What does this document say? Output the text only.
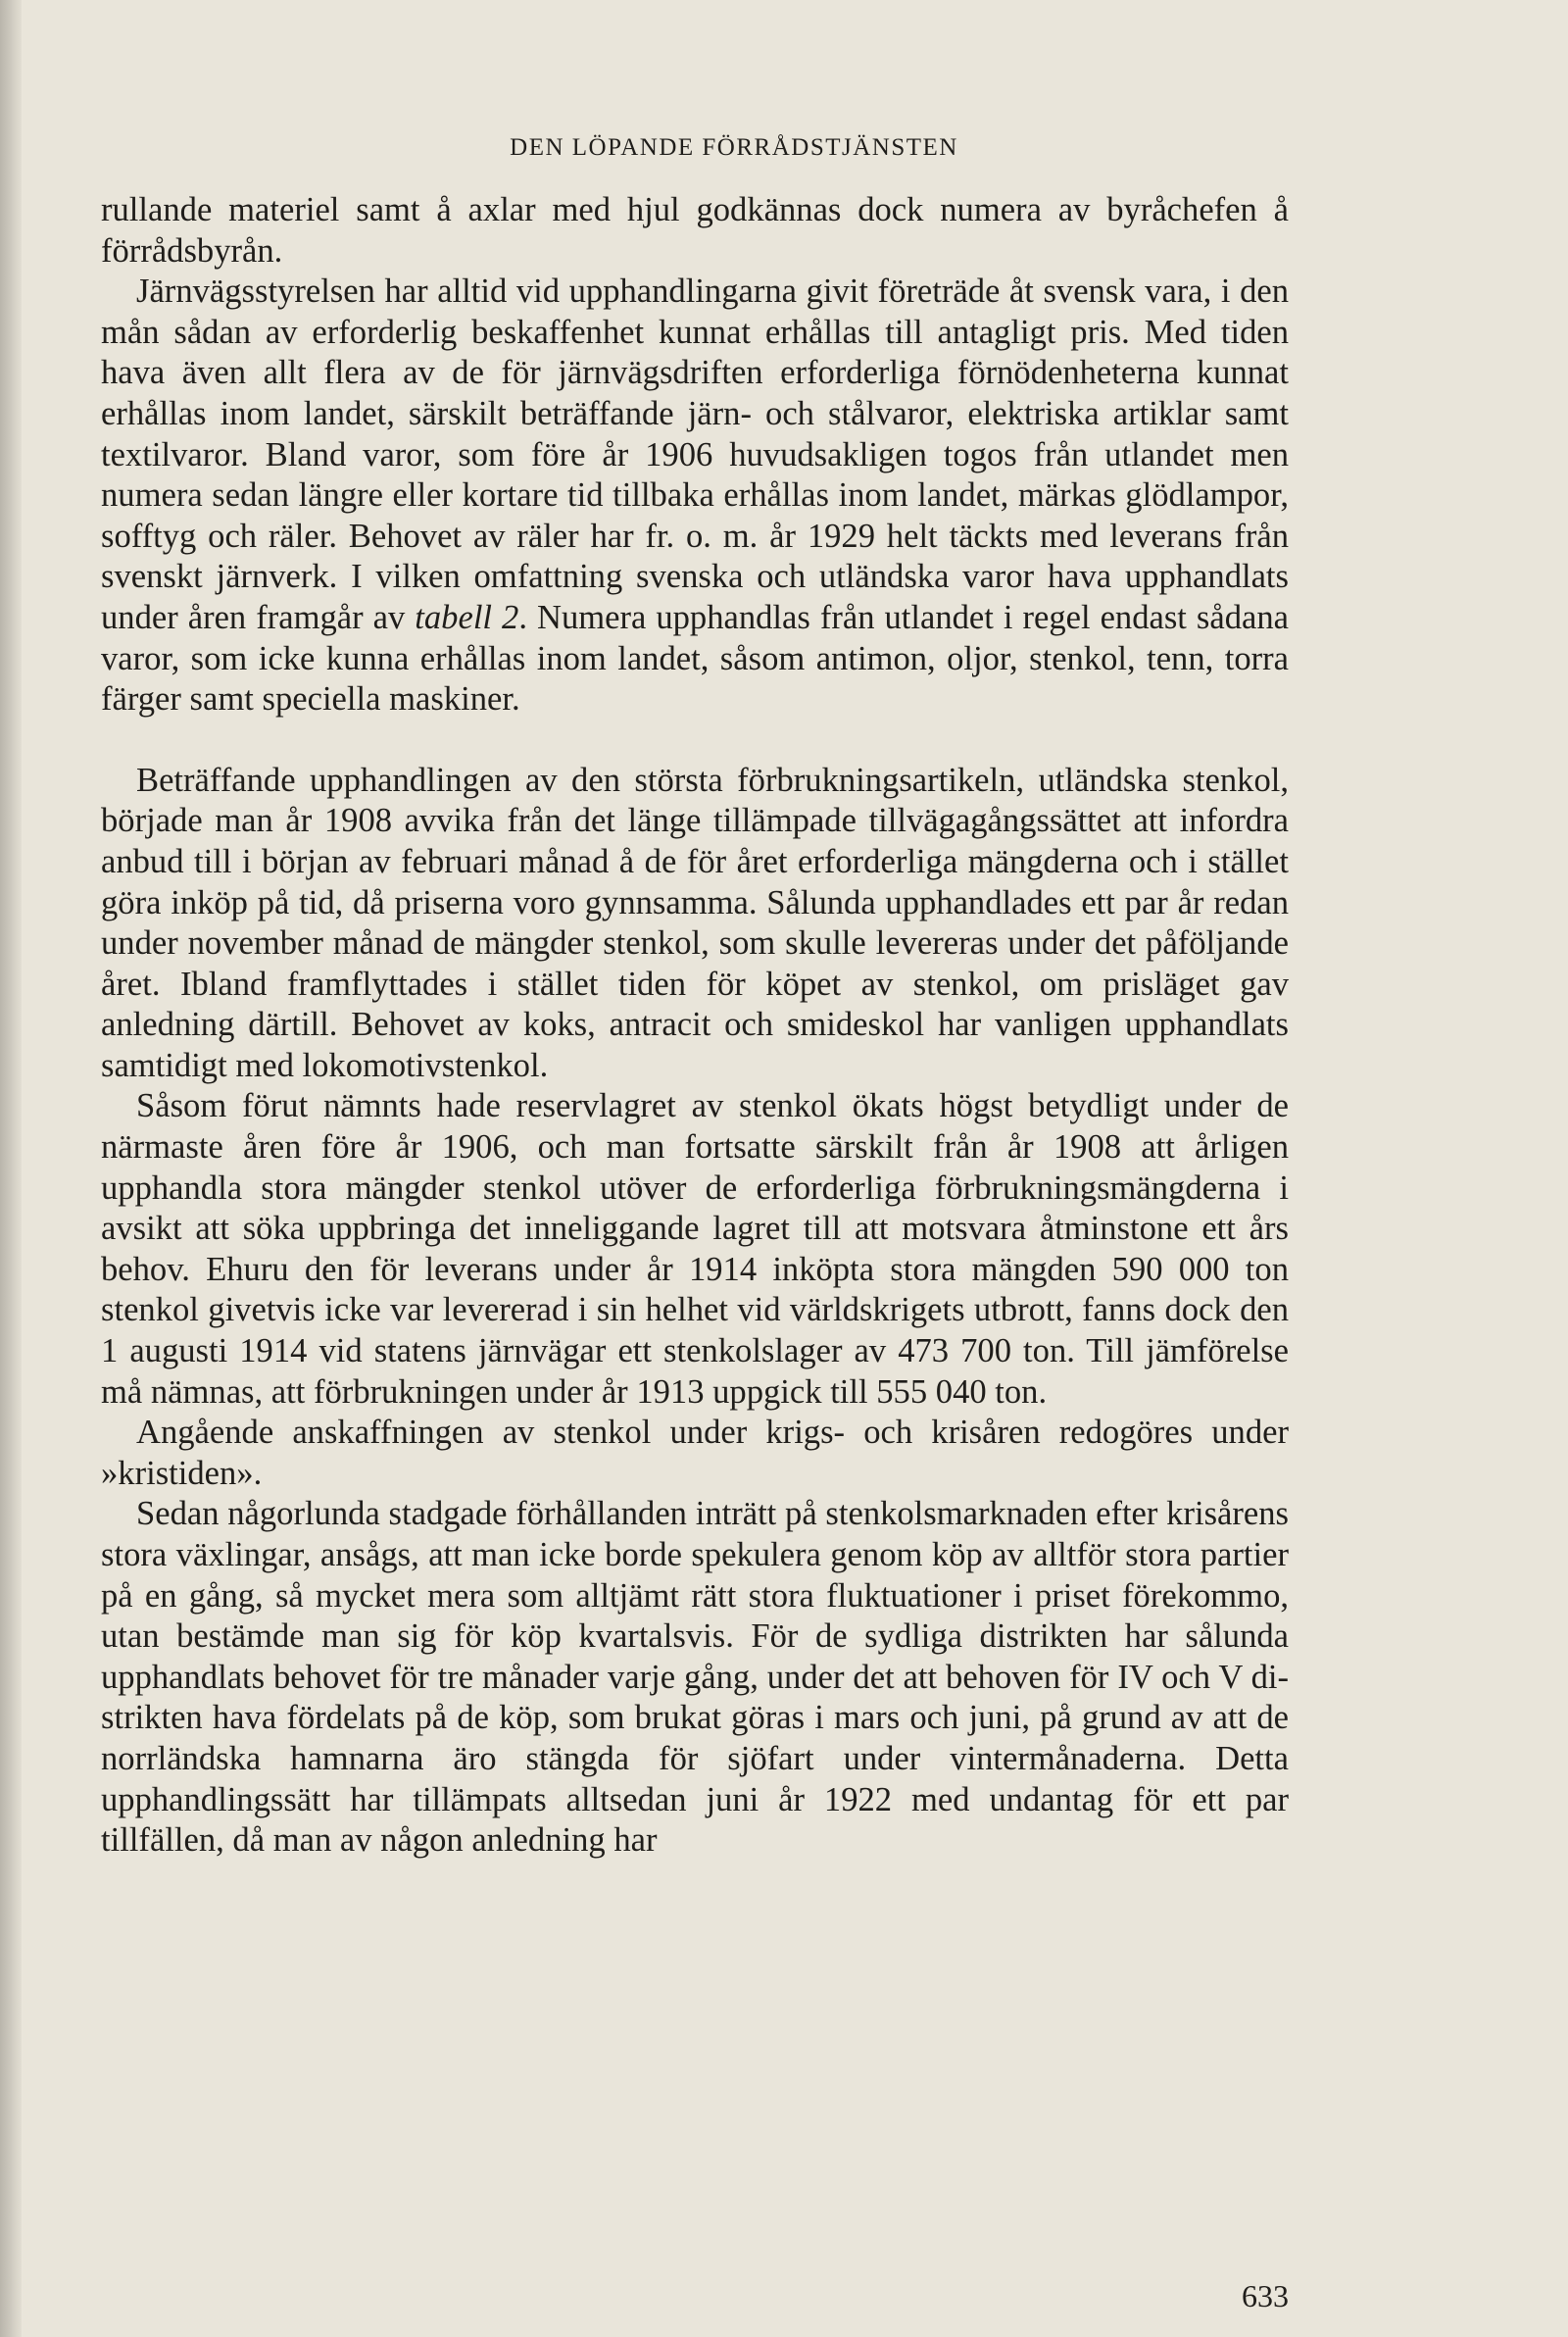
DEN LÖPANDE FÖRRÅDSTJÄNSTEN

rullande materiel samt å axlar med hjul godkännas dock numera av byråchefen å förrådsbyrån.

Järnvägsstyrelsen har alltid vid upphandlingarna givit företräde åt svensk vara, i den mån sådan av erforderlig beskaffenhet kunnat erhållas till antagligt pris. Med tiden hava även allt flera av de för järnvägsdriften erforderliga förnödenheterna kunnat erhållas inom landet, särskilt beträffande järn- och stålvaror, elektriska artiklar samt textilvaror. Bland varor, som före år 1906 huvudsakligen togos från utlandet men numera sedan längre eller kortare tid tillbaka erhållas inom landet, märkas glödlampor, sofftyg och räler. Behovet av räler har fr. o. m. år 1929 helt täckts med leverans från svenskt järnverk. I vilken omfattning svenska och utländska varor hava upphandlats under åren framgår av tabell 2. Numera upphandlas från utlandet i regel endast sådana varor, som icke kunna erhållas inom landet, såsom antimon, oljor, stenkol, tenn, torra färger samt speciella maskiner.

Beträffande upphandlingen av den största förbrukningsartikeln, utländska stenkol, började man år 1908 avvika från det länge tillämpade tillvägagångssättet att infordra anbud till i början av februari månad å de för året erforderliga mängderna och i stället göra inköp på tid, då priserna voro gynnsamma. Sålunda upphandlades ett par år redan under november månad de mängder stenkol, som skulle levereras under det påföljande året. Ibland framflyttades i stället tiden för köpet av stenkol, om prisläget gav anledning därtill. Behovet av koks, antracit och smideskol har vanligen upphandlats samtidigt med lokomotivstenkol.

Såsom förut nämnts hade reservlagret av stenkol ökats högst betydligt under de närmaste åren före år 1906, och man fortsatte särskilt från år 1908 att årligen upphandla stora mängder stenkol utöver de erforderliga förbrukningsmängderna i avsikt att söka uppbringa det inneliggande lagret till att motsvara åtminstone ett års behov. Ehuru den för leverans under år 1914 inköpta stora mängden 590 000 ton stenkol givetvis icke var levererad i sin helhet vid världskrigets utbrott, fanns dock den 1 augusti 1914 vid statens järnvägar ett stenkolslager av 473 700 ton. Till jämförelse må nämnas, att förbrukningen under år 1913 uppgick till 555 040 ton.

Angående anskaffningen av stenkol under krigs- och krisåren redogöres under »kristiden».

Sedan någorlunda stadgade förhållanden inträtt på stenkolsmarknaden efter krisårens stora växlingar, ansågs, att man icke borde spekulera genom köp av alltför stora partier på en gång, så mycket mera som alltjämt rätt stora fluktuationer i priset förekommo, utan bestämde man sig för köp kvartalsvis. För de sydliga distrikten har sålunda upphandlats behovet för tre månader varje gång, under det att behoven för IV och V distrikten hava fördelats på de köp, som brukat göras i mars och juni, på grund av att de norrländska hamnarna äro stängda för sjöfart under vintermånaderna. Detta upphandlingssätt har tillämpats alltsedan juni år 1922 med undantag för ett par tillfällen, då man av någon anledning har

633
